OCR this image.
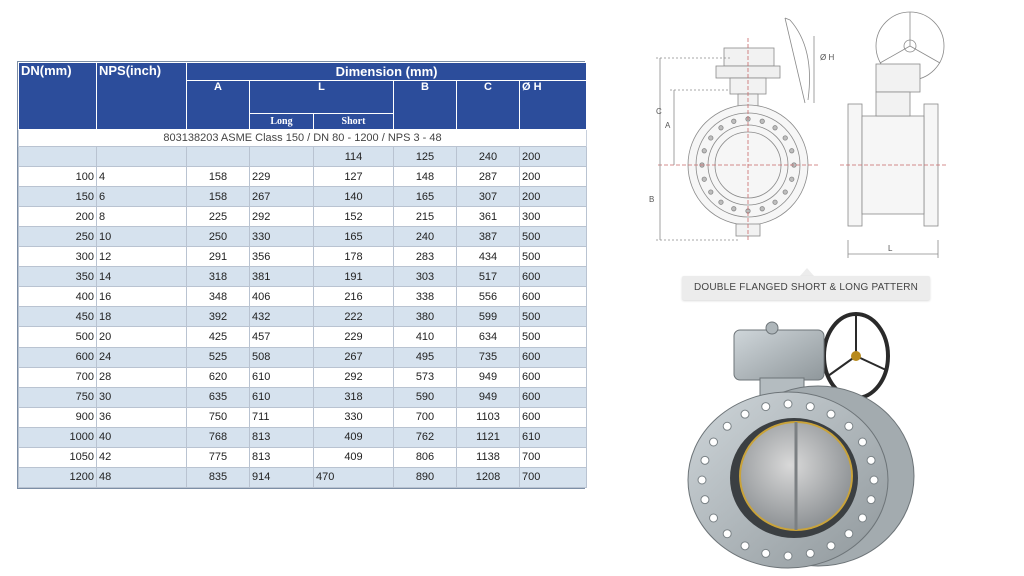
DN(mm)	NPS(inch)	Dimension (mm)					
		A	L		B	C	Ø H
			Long	Short			
803138203 ASME Class 150 / DN 80 - 1200 / NPS 3 - 48							
				114	125	240	200
100	4	158	229	127	148	287	200
150	6	158	267	140	165	307	200
200	8	225	292	152	215	361	300
250	10	250	330	165	240	387	500
300	12	291	356	178	283	434	500
350	14	318	381	191	303	517	600
400	16	348	406	216	338	556	600
450	18	392	432	222	380	599	500
500	20	425	457	229	410	634	500
600	24	525	508	267	495	735	600
700	28	620	610	292	573	949	600
750	30	635	610	318	590	949	600
900	36	750	711	330	700	1103	600
1000	40	768	813	409	762	1121	610
1050	42	775	813	409	806	1138	700
1200	48	835	914	470	890	1208	700
C
A
B
Ø H
L
DOUBLE FLANGED SHORT & LONG PATTERN
